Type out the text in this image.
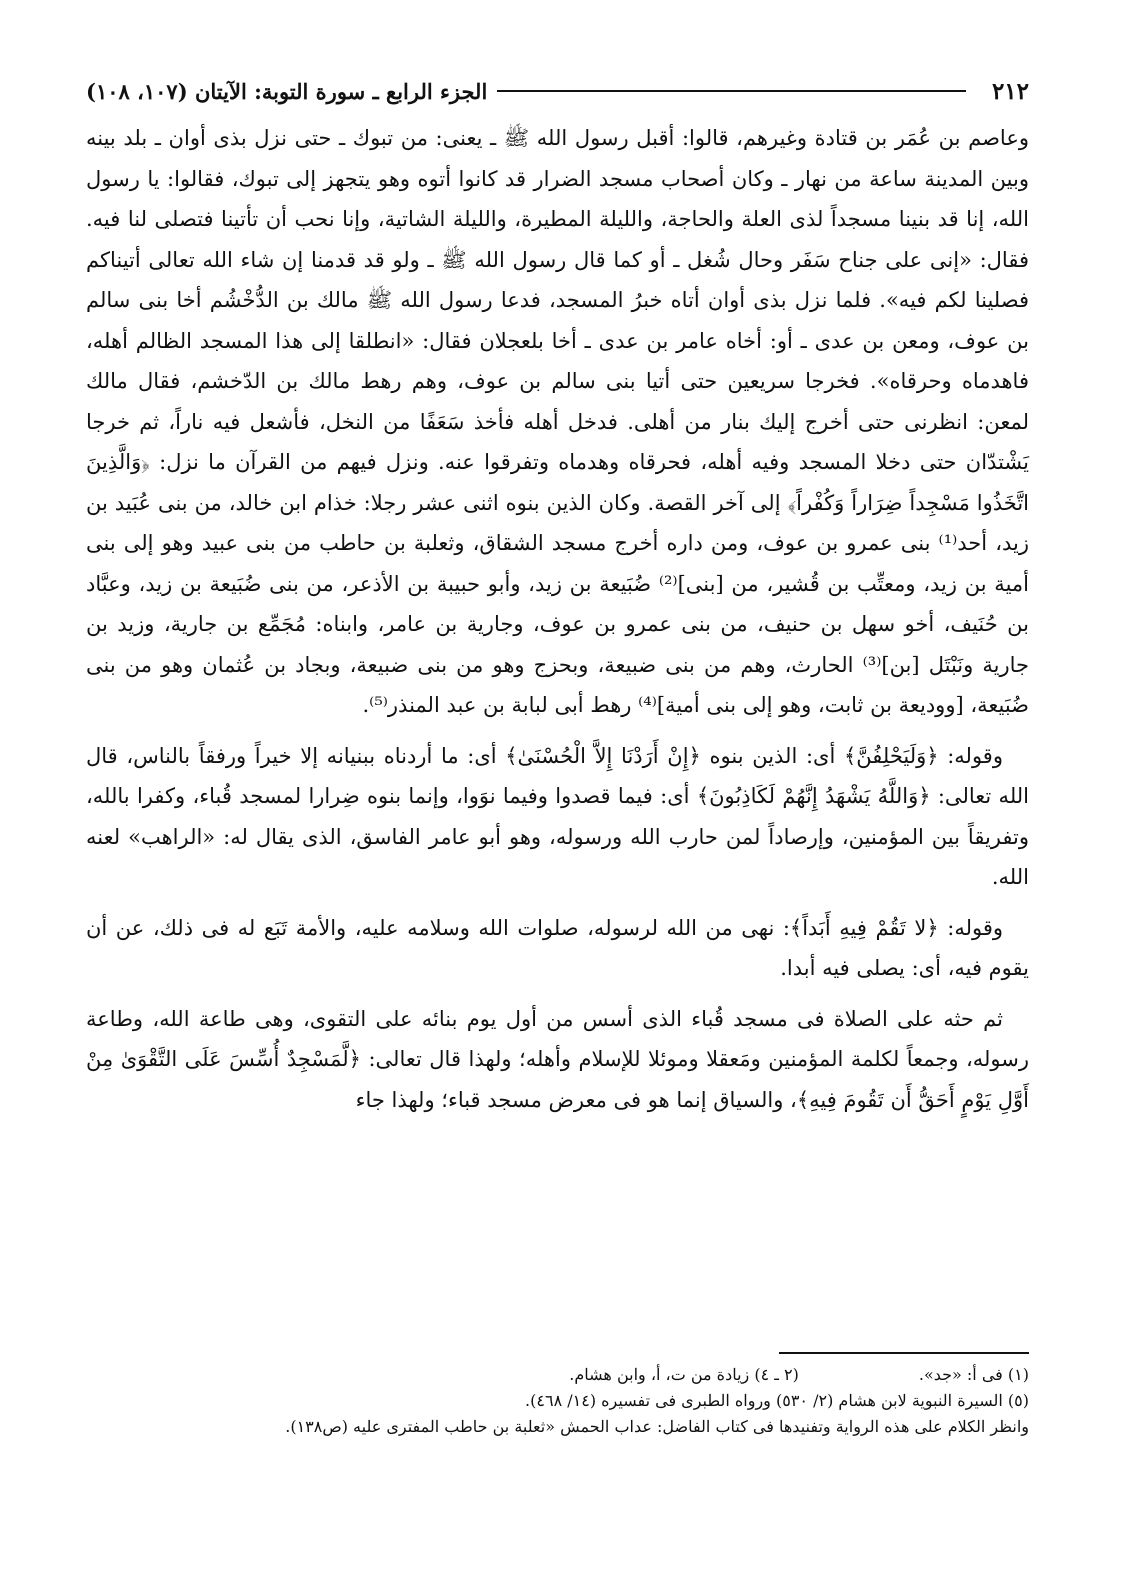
٢١٢
الجزء الرابع ـ سورة التوبة: الآيتان (١٠٧، ١٠٨)

وعاصم بن عُمَر بن قتادة وغيرهم، قالوا: أقبل رسول الله ﷺ ـ يعنى: من تبوك ـ حتى نزل بذى أوان ـ بلد بينه وبين المدينة ساعة من نهار ـ وكان أصحاب مسجد الضرار قد كانوا أتوه وهو يتجهز إلى تبوك، فقالوا: يا رسول الله، إنا قد بنينا مسجداً لذى العلة والحاجة، والليلة المطيرة، والليلة الشاتية، وإنا نحب أن تأتينا فتصلى لنا فيه. فقال: «إنى على جناح سَفَر وحال شُغل ـ أو كما قال رسول الله ﷺ ـ ولو قد قدمنا إن شاء الله تعالى أتيناكم فصلينا لكم فيه». فلما نزل بذى أوان أتاه خبرُ المسجد، فدعا رسول الله ﷺ مالك بن الدُّخْشُم أخا بنى سالم بن عوف، ومعن بن عدى ـ أو: أخاه عامر بن عدى ـ أخا بلعجلان فقال: «انطلقا إلى هذا المسجد الظالم أهله، فاهدماه وحرقاه». فخرجا سريعين حتى أتيا بنى سالم بن عوف، وهم رهط مالك بن الدّخشم، فقال مالك لمعن: انظرنى حتى أخرج إليك بنار من أهلى. فدخل أهله فأخذ سَعَفًا من النخل، فأشعل فيه ناراً، ثم خرجا يَشْتدّان حتى دخلا المسجد وفيه أهله، فحرقاه وهدماه وتفرقوا عنه. ونزل فيهم من القرآن ما نزل: ﴿وَالَّذِينَ اتَّخَذُوا مَسْجِداً ضِرَاراً وَكُفْراً﴾ إلى آخر القصة. وكان الذين بنوه اثنى عشر رجلا: خذام ابن خالد، من بنى عُبَيد بن زيد، أحد⁽¹⁾ بنى عمرو بن عوف، ومن داره أخرج مسجد الشقاق، وثعلبة بن حاطب من بنى عبيد وهو إلى بنى أمية بن زيد، ومعتِّب بن قُشير، من [بنى]⁽²⁾ ضُبَيعة بن زيد، وأبو حبيبة بن الأذعر، من بنى ضُبَيعة بن زيد، وعبَّاد بن حُنَيف، أخو سهل بن حنيف، من بنى عمرو بن عوف، وجارية بن عامر، وابناه: مُجَمِّع بن جارية، وزيد بن جارية ونَبْتَل [بن]⁽³⁾ الحارث، وهم من بنى ضبيعة، وبحزج وهو من بنى ضبيعة، وبجاد بن عُثمان وهو من بنى ضُبَيعة، [ووديعة بن ثابت، وهو إلى بنى أمية]⁽⁴⁾ رهط أبى لبابة بن عبد المنذر⁽⁵⁾.

وقوله: ﴿وَلَيَحْلِفُنَّ﴾ أى: الذين بنوه ﴿إِنْ أَرَدْنَا إِلاَّ الْحُسْنَىٰ﴾ أى: ما أردناه ببنيانه إلا خيراً ورفقاً بالناس، قال الله تعالى: ﴿وَاللَّهُ يَشْهَدُ إِنَّهُمْ لَكَاذِبُونَ﴾ أى: فيما قصدوا وفيما نوَوا، وإنما بنوه ضِرارا لمسجد قُباء، وكفرا بالله، وتفريقاً بين المؤمنين، وإرصاداً لمن حارب الله ورسوله، وهو أبو عامر الفاسق، الذى يقال له: «الراهب» لعنه الله.

وقوله: ﴿لا تَقُمْ فِيهِ أَبَداً﴾: نهى من الله لرسوله، صلوات الله وسلامه عليه، والأمة تَبَع له فى ذلك، عن أن يقوم فيه، أى: يصلى فيه أبدا.

ثم حثه على الصلاة فى مسجد قُباء الذى أسس من أول يوم بنائه على التقوى، وهى طاعة الله، وطاعة رسوله، وجمعاً لكلمة المؤمنين ومَعقلا وموئلا للإسلام وأهله؛ ولهذا قال تعالى: ﴿لَّمَسْجِدٌ أُسِّسَ عَلَى التَّقْوَىٰ مِنْ أَوَّلِ يَوْمٍ أَحَقُّ أَن تَقُومَ فِيهِ﴾، والسياق إنما هو فى معرض مسجد قباء؛ ولهذا جاء

(١) فى أ: «جد».
(٢ ـ ٤) زيادة من ت، أ، وابن هشام.
(٥) السيرة النبوية لابن هشام (٢/ ٥٣٠) ورواه الطبرى فى تفسيره (١٤/ ٤٦٨).
وانظر الكلام على هذه الرواية وتفنيدها فى كتاب الفاضل: عداب الحمش «ثعلبة بن حاطب المفترى عليه (ص١٣٨).
